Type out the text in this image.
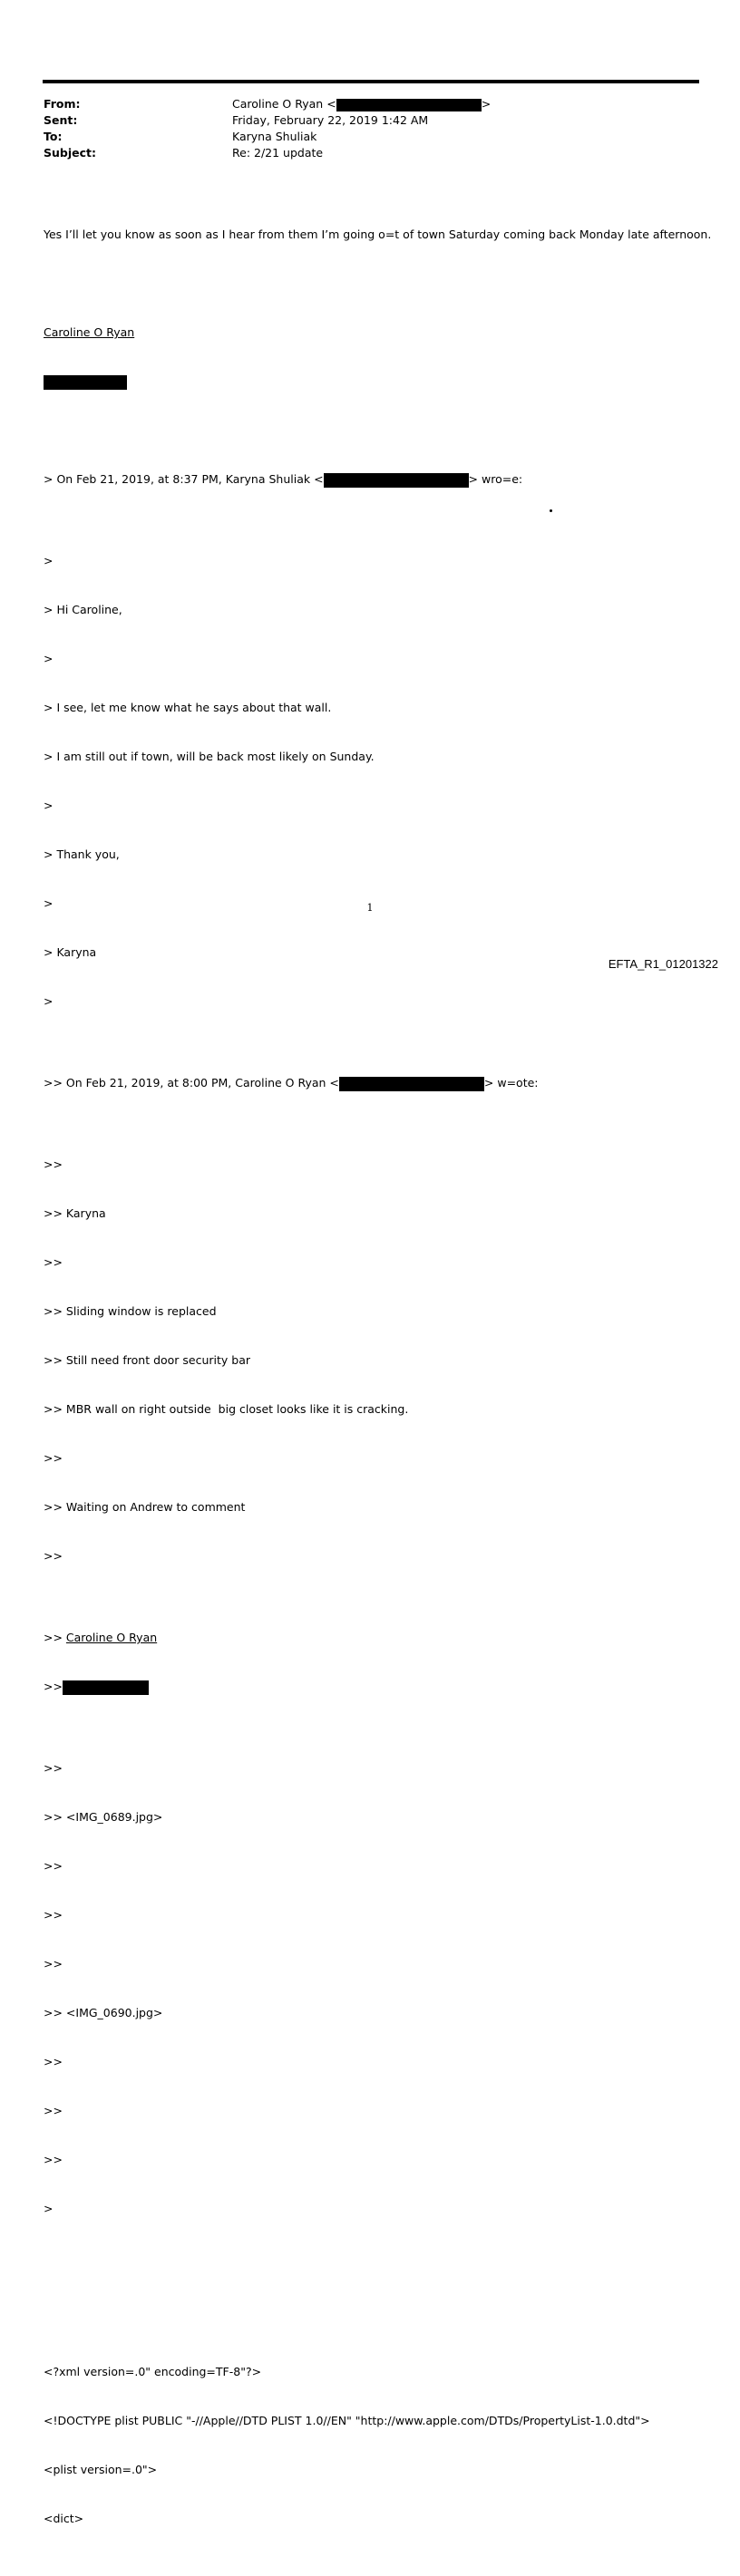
From:	Caroline O Ryan <	>
Sent:	Friday, February 22, 2019 1:42 AM
To:	Karyna Shuliak
Subject:	Re: 2/21 update

Yes I’ll let you know as soon as I hear from them I’m going o=t of town Saturday coming back Monday late afternoon.

Caroline O Ryan

> On Feb 21, 2019, at 8:37 PM, Karyna Shuliak <	> wro=e:

>

> Hi Caroline,

>

> I see, let me know what he says about that wall.

> I am still out if town, will be back most likely on Sunday.

>

> Thank you,

>

> Karyna

>

>> On Feb 21, 2019, at 8:00 PM, Caroline O Ryan <	> w=ote:

>>

>> Karyna

>>

>> Sliding window is replaced

>> Still need front door security bar

>> MBR wall on right outside  big closet looks like it is cracking.

>>

>> Waiting on Andrew to comment

>>

>> Caroline O Ryan

>>

>>

>> <IMG_0689.jpg>

>>

>>

>>

>> <IMG_0690.jpg>

>>

>>

>>

>

<?xml version=.0" encoding=TF-8"?>

<!DOCTYPE plist PUBLIC "-//Apple//DTD PLIST 1.0//EN" "http://www.apple.com/DTDs/PropertyList-1.0.dtd">

<plist version=.0">

<dict>

1
EFTA_R1_01201322
